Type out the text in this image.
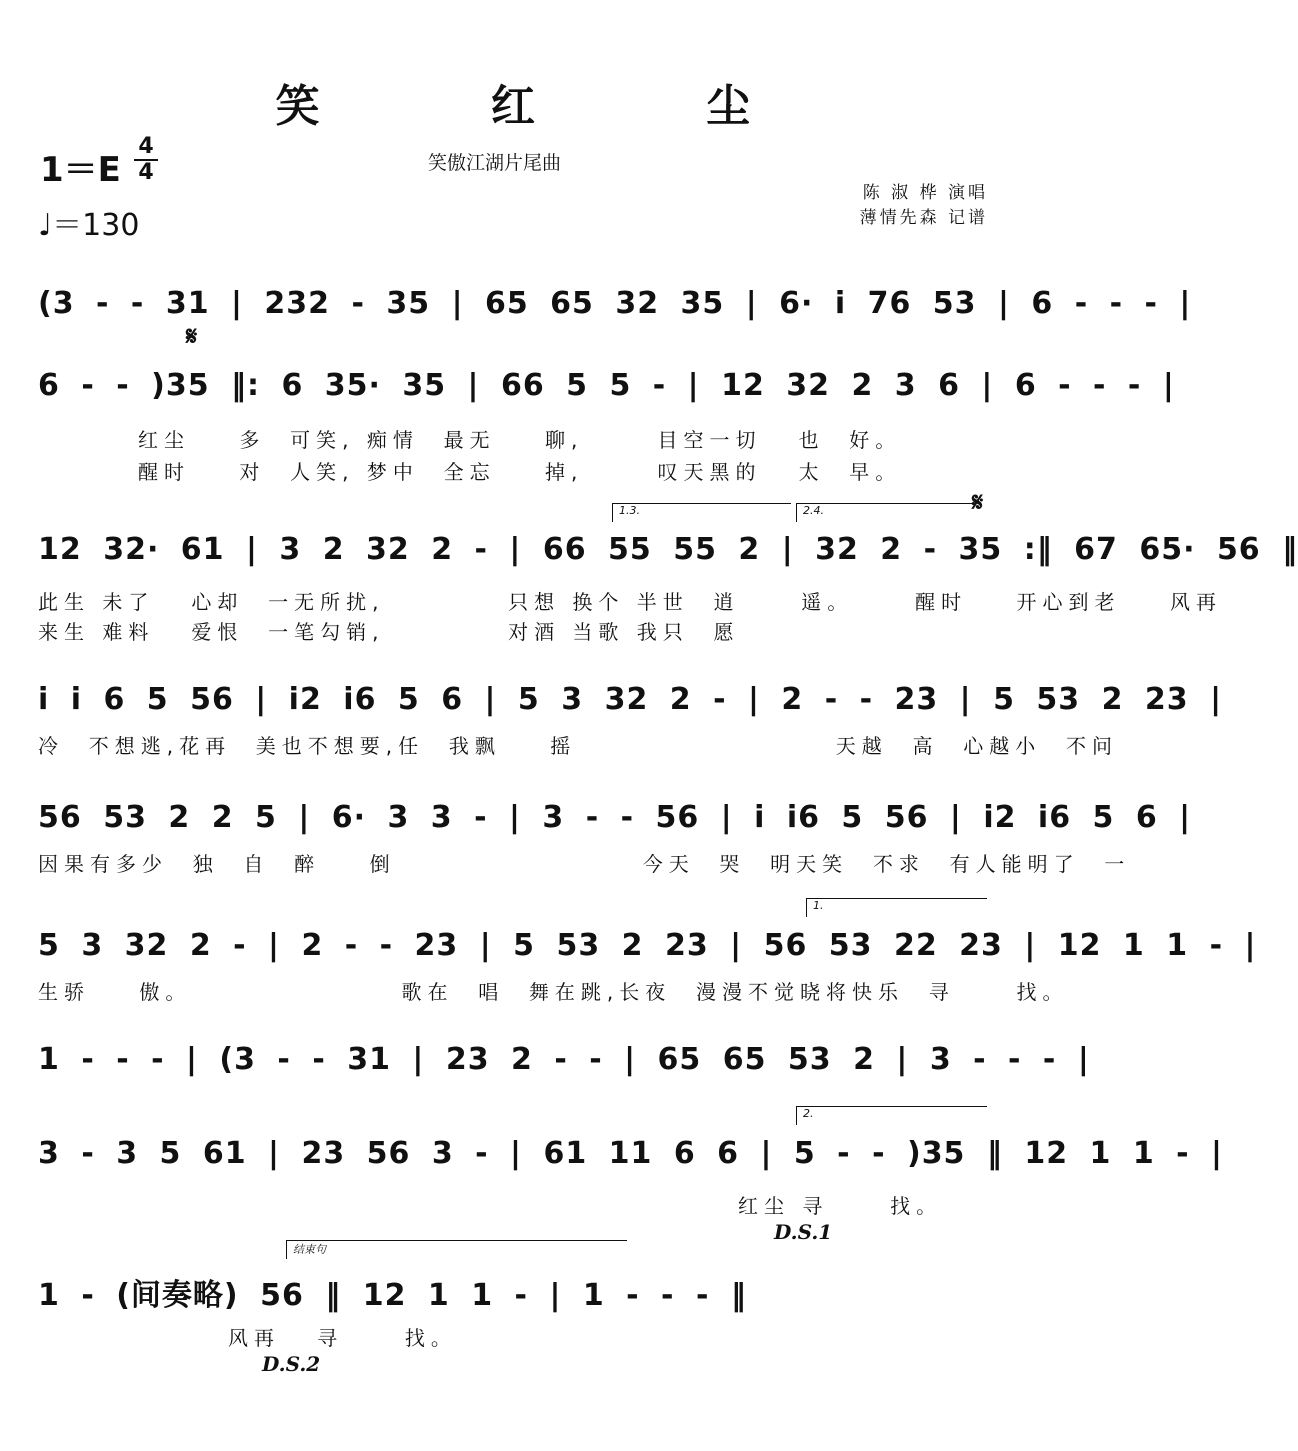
笑 红 尘
1＝E
4
4
♩＝130
笑傲江湖片尾曲
陈 淑 桦 演唱
薄情先森 记谱
(3 - - 31 | 232 - 35 | 65 65 32 35 | 6· i 76 53 | 6 - - - |
𝄋
6 - - )35 ‖: 6 35· 35 | 66 5 5 - | 12 32 2 3 6 | 6 - - - |
红尘    多  可笑, 痴情  最无    聊,      目空一切   也  好。
醒时    对  人笑, 梦中  全忘    掉,      叹天黑的   太  早。
1.3.	2.4.	𝄋
12 32· 61 | 3 2 32 2 - | 66 55 55 2 | 32 2 - 35 :‖ 67 65· 56 ‖
此生 未了   心却  一无所扰,          只想 换个 半世  逍     遥。     醒时    开心到老    风再
来生 难料   爱恨  一笔勾销,          对酒 当歌 我只  愿
i i 6 5 56 | i2 i6 5 6 | 5 3 32 2 - | 2 - - 23 | 5 53 2 23 |
冷  不想逃,花再  美也不想要,任  我飘    摇                     天越  高  心越小  不问
56 53 2 2 5 | 6· 3 3 - | 3 - - 56 | i i6 5 56 | i2 i6 5 6 |
因果有多少  独  自  醉    倒                    今天  哭  明天笑  不求  有人能明了  一
1.
5 3 32 2 - | 2 - - 23 | 5 53 2 23 | 56 53 22 23 | 12 1 1 - |
生骄    傲。                 歌在  唱  舞在跳,长夜  漫漫不觉晓将快乐  寻     找。
1 - - - | (3 - - 31 | 23 2 - - | 65 65 53 2 | 3 - - - |
2.
3 - 3 5 61 | 23 56 3 - | 61 11 6 6 | 5 - - )35 ‖ 12 1 1 - |
红尘 寻     找。
D.S.1
结束句
1 - (间奏略) 56 ‖ 12 1 1 - | 1 - - - ‖
风再   寻     找。
D.S.2
